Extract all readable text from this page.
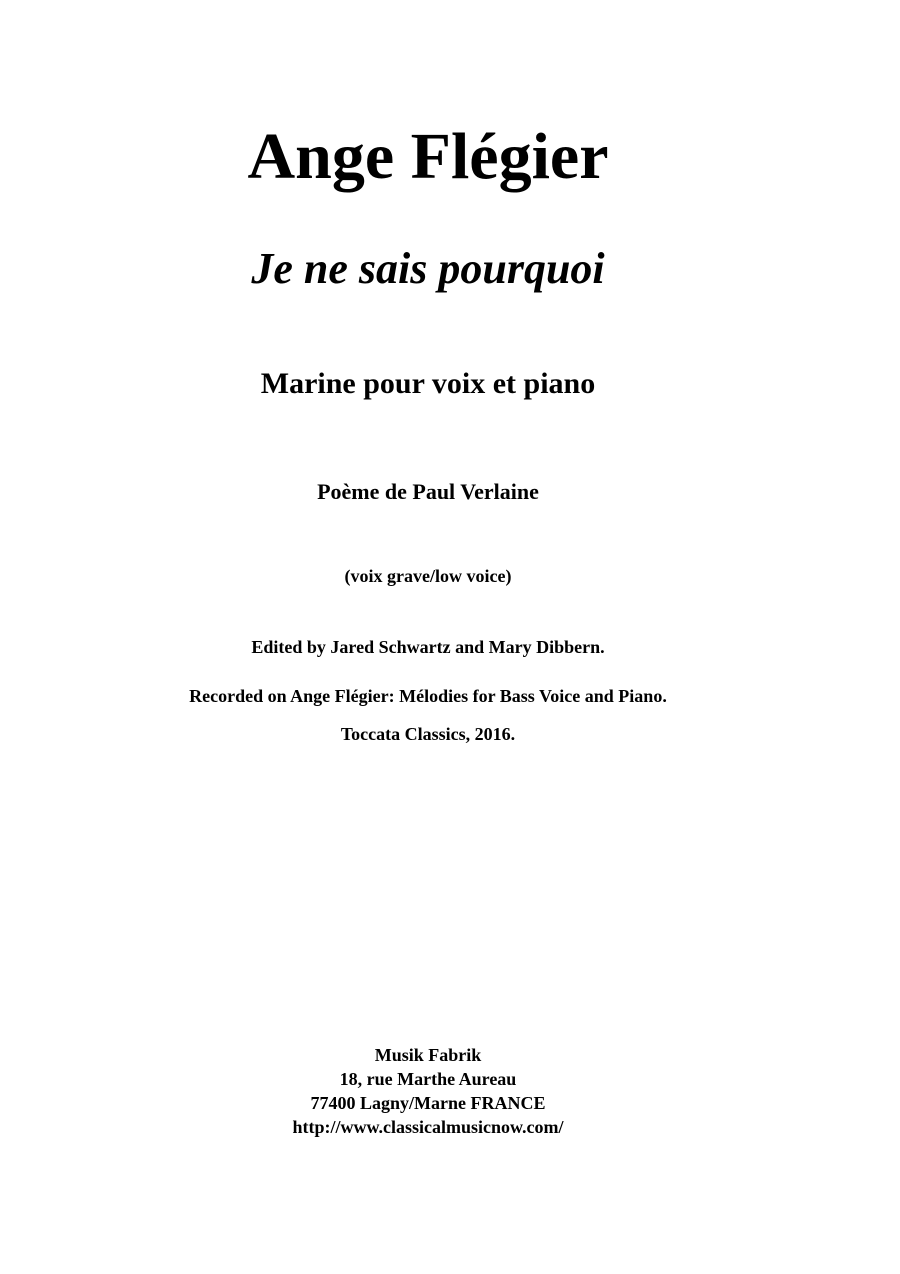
Ange Flégier
Je ne sais pourquoi
Marine pour voix et piano
Poème de Paul Verlaine
(voix grave/low voice)
Edited by Jared Schwartz and Mary Dibbern.
Recorded on Ange Flégier: Mélodies for Bass Voice and Piano.
Toccata Classics, 2016.
Musik Fabrik
18, rue Marthe Aureau
77400 Lagny/Marne FRANCE
http://www.classicalmusicnow.com/
